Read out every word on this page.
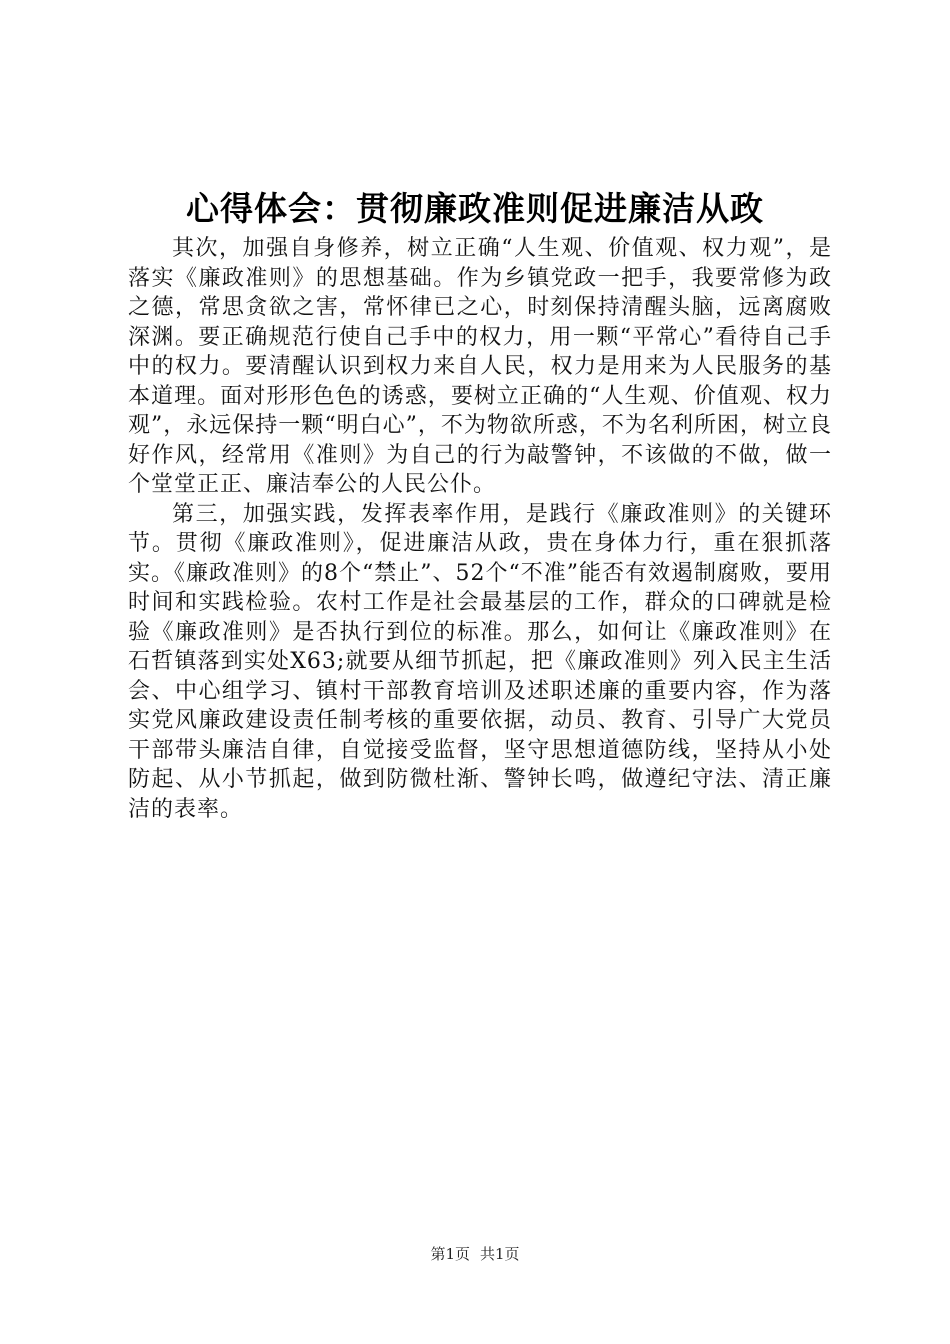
心得体会：贯彻廉政准则促进廉洁从政

其次，加强自身修养，树立正确“人生观、价值观、权力观”，是落实《廉政准则》的思想基础。作为乡镇党政一把手，我要常修为政之德，常思贪欲之害，常怀律已之心，时刻保持清醒头脑，远离腐败深渊。要正确规范行使自己手中的权力，用一颗“平常心”看待自己手中的权力。要清醒认识到权力来自人民，权力是用来为人民服务的基本道理。面对形形色色的诱惑，要树立正确的“人生观、价值观、权力观”，永远保持一颗“明白心”，不为物欲所惑，不为名利所困，树立良好作风，经常用《准则》为自己的行为敲警钟，不该做的不做，做一个堂堂正正、廉洁奉公的人民公仆。

第三，加强实践，发挥表率作用，是践行《廉政准则》的关键环节。贯彻《廉政准则》，促进廉洁从政，贵在身体力行，重在狠抓落实。《廉政准则》的8个“禁止”、52个“不准”能否有效遏制腐败，要用时间和实践检验。农村工作是社会最基层的工作，群众的口碑就是检验《廉政准则》是否执行到位的标准。那么，如何让《廉政准则》在石哲镇落到实处X63;就要从细节抓起，把《廉政准则》列入民主生活会、中心组学习、镇村干部教育培训及述职述廉的重要内容，作为落实党风廉政建设责任制考核的重要依据，动员、教育、引导广大党员干部带头廉洁自律，自觉接受监督，坚守思想道德防线，坚持从小处防起、从小节抓起，做到防微杜渐、警钟长鸣，做遵纪守法、清正廉洁的表率。

第1页 共1页
